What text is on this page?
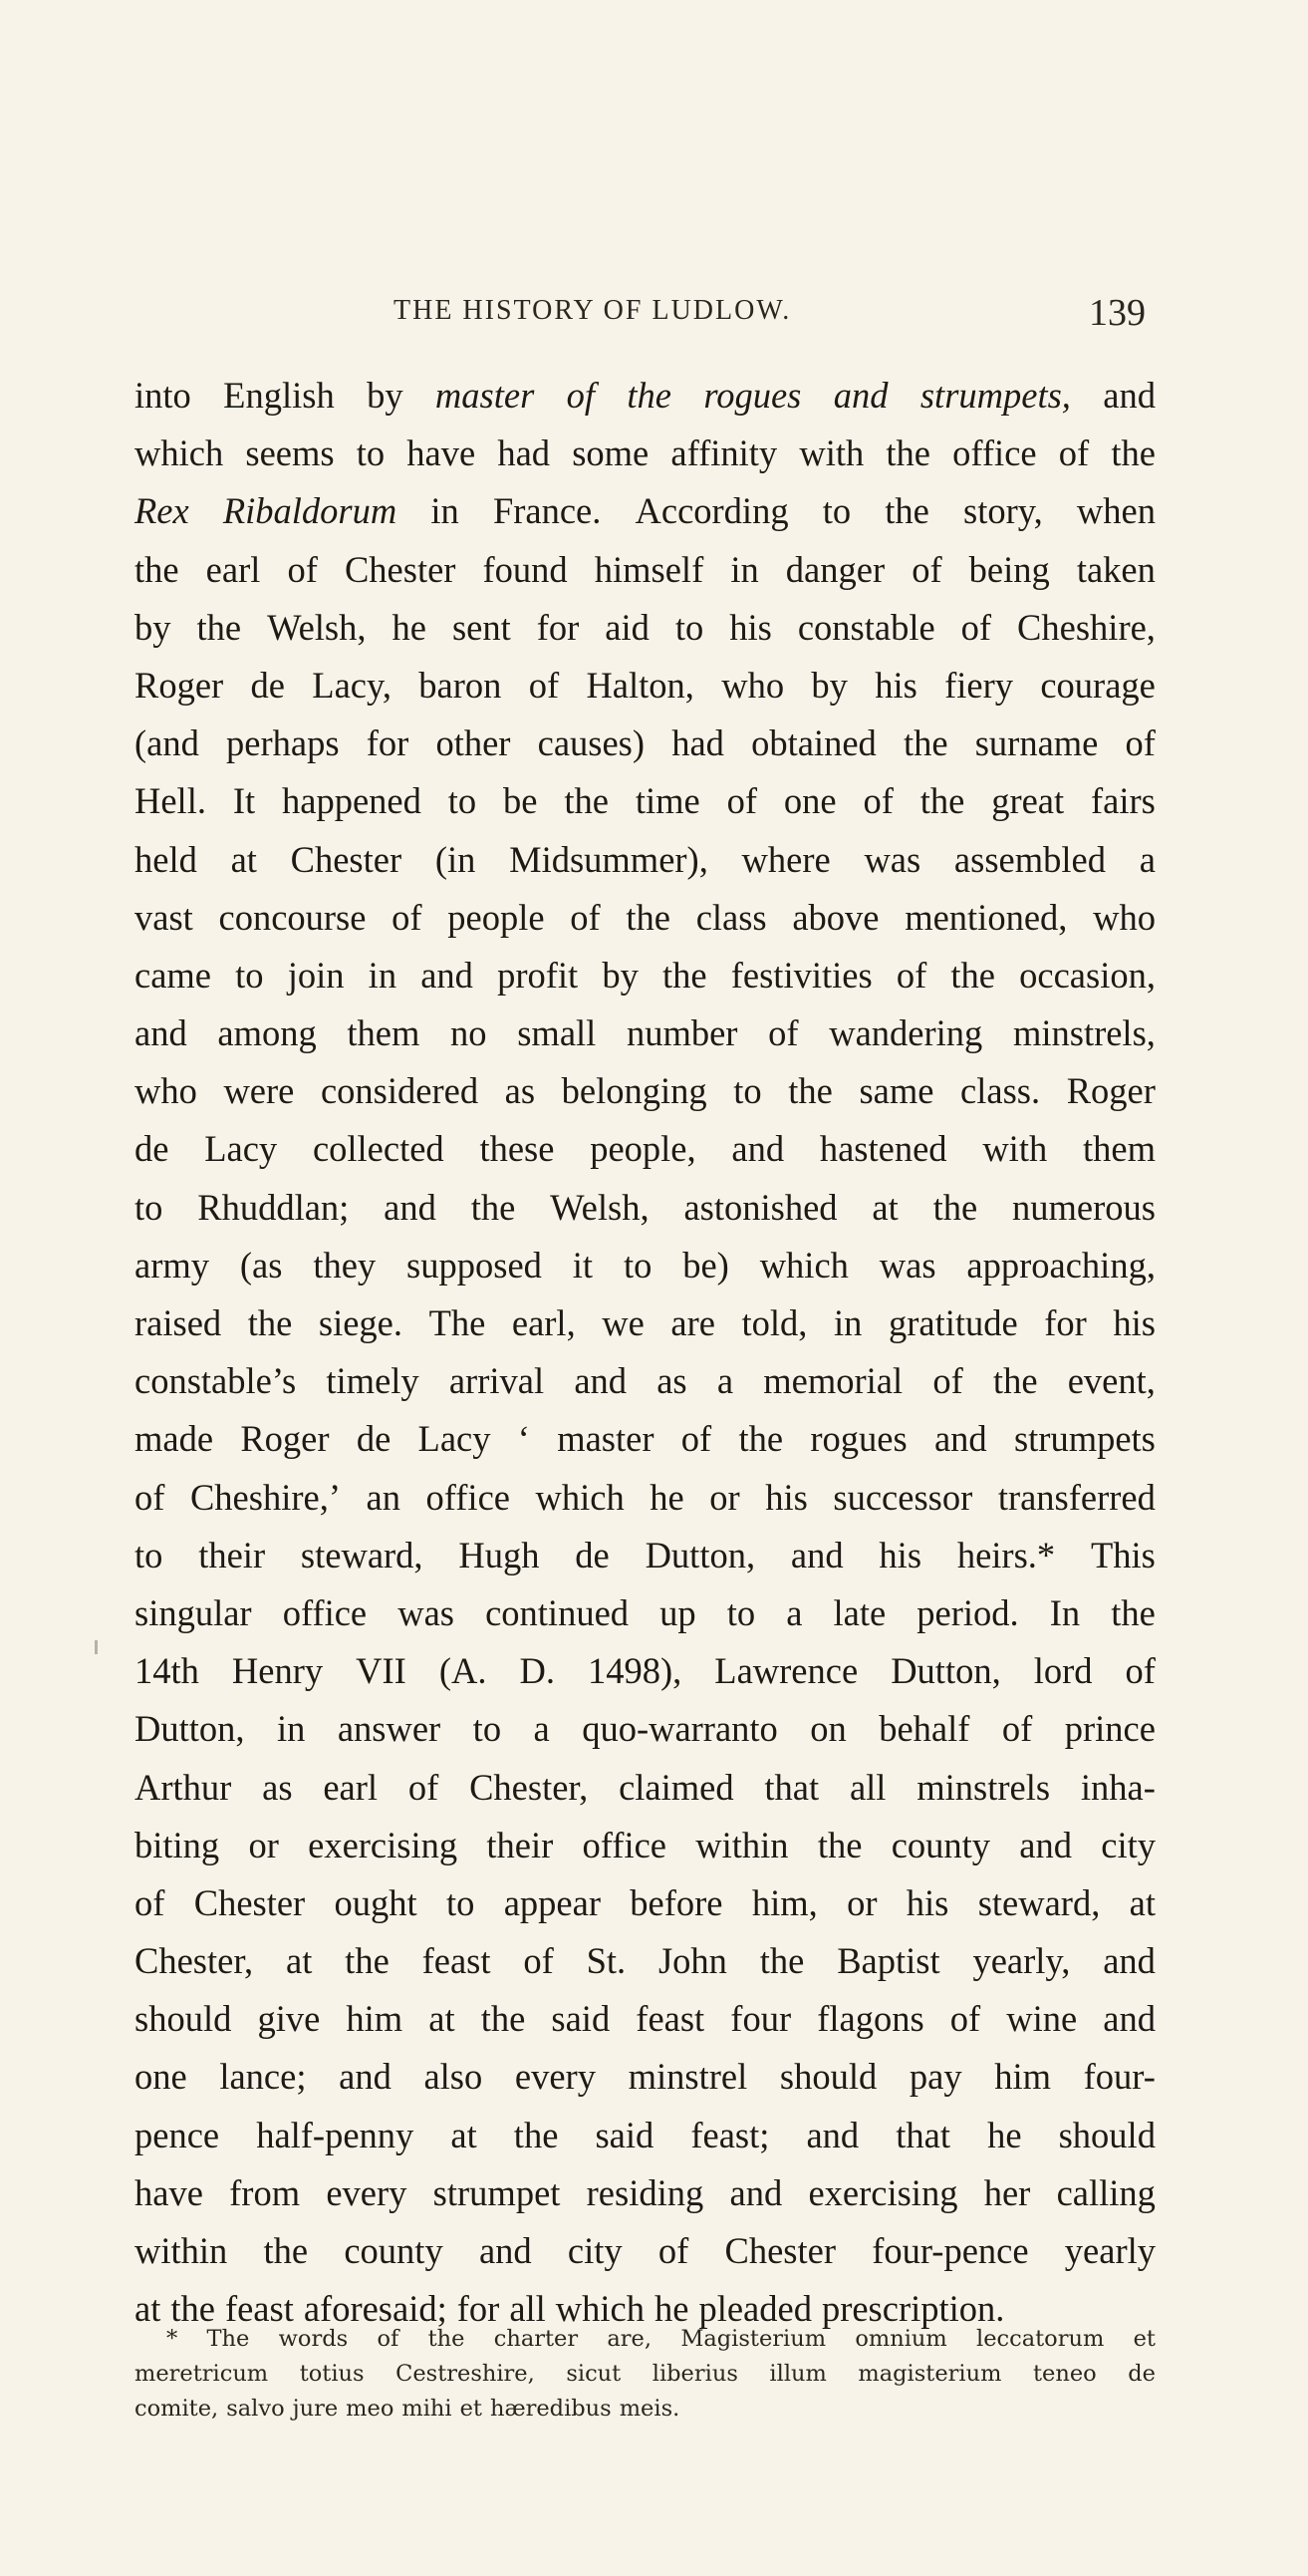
THE HISTORY OF LUDLOW.	139
into English by master of the rogues and strumpets, and
which seems to have had some affinity with the office of the
Rex Ribaldorum in France. According to the story, when
the earl of Chester found himself in danger of being taken
by the Welsh, he sent for aid to his constable of Cheshire,
Roger de Lacy, baron of Halton, who by his fiery courage
(and perhaps for other causes) had obtained the surname of
Hell. It happened to be the time of one of the great fairs
held at Chester (in Midsummer), where was assembled a
vast concourse of people of the class above mentioned, who
came to join in and profit by the festivities of the occasion,
and among them no small number of wandering minstrels,
who were considered as belonging to the same class. Roger
de Lacy collected these people, and hastened with them
to Rhuddlan; and the Welsh, astonished at the numerous
army (as they supposed it to be) which was approaching,
raised the siege. The earl, we are told, in gratitude for his
constable’s timely arrival and as a memorial of the event,
made Roger de Lacy ‘ master of the rogues and strumpets
of Cheshire,’ an office which he or his successor transferred
to their steward, Hugh de Dutton, and his heirs.* This
singular office was continued up to a late period. In the
14th Henry VII (A. D. 1498), Lawrence Dutton, lord of
Dutton, in answer to a quo-warranto on behalf of prince
Arthur as earl of Chester, claimed that all minstrels inha-
biting or exercising their office within the county and city
of Chester ought to appear before him, or his steward, at
Chester, at the feast of St. John the Baptist yearly, and
should give him at the said feast four flagons of wine and
one lance; and also every minstrel should pay him four-
pence half-penny at the said feast; and that he should
have from every strumpet residing and exercising her calling
within the county and city of Chester four-pence yearly
at the feast aforesaid; for all which he pleaded prescription.
* The words of the charter are, Magisterium omnium leccatorum et
meretricum totius Cestreshire, sicut liberius illum magisterium teneo de
comite, salvo jure meo mihi et hæredibus meis.
